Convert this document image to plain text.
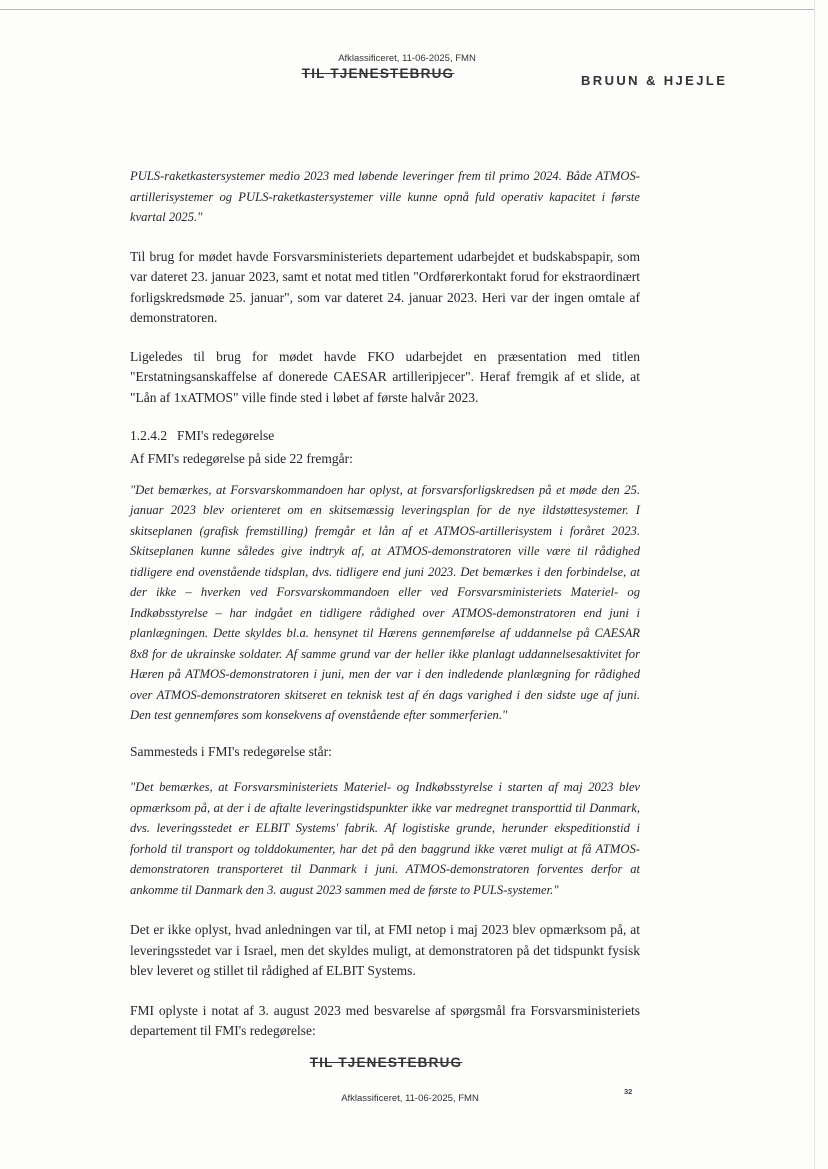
Afklassificeret, 11-06-2025, FMN
TIL TJENESTEBRUG	BRUUN & HJEJLE

PULS-raketkastersystemer medio 2023 med løbende leveringer frem til primo 2024. Både ATMOS-artillerisystemer og PULS-raketkastersystemer ville kunne opnå fuld operativ kapacitet i første kvartal 2025."

Til brug for mødet havde Forsvarsministeriets departement udarbejdet et budskabspapir, som var dateret 23. januar 2023, samt et notat med titlen "Ordførerkontakt forud for ekstraordinært forligskredsmøde 25. januar", som var dateret 24. januar 2023. Heri var der ingen omtale af demonstratoren.

Ligeledes til brug for mødet havde FKO udarbejdet en præsentation med titlen "Erstatningsanskaffelse af donerede CAESAR artilleripjecer". Heraf fremgik af et slide, at "Lån af 1xATMOS" ville finde sted i løbet af første halvår 2023.

1.2.4.2 FMI's redegørelse

Af FMI's redegørelse på side 22 fremgår:

"Det bemærkes, at Forsvarskommandoen har oplyst, at forsvarsforligskredsen på et møde den 25. januar 2023 blev orienteret om en skitsemæssig leveringsplan for de nye ildstøttesystemer. I skitseplanen (grafisk fremstilling) fremgår et lån af et ATMOS-artillerisystem i foråret 2023. Skitseplanen kunne således give indtryk af, at ATMOS-demonstratoren ville være til rådighed tidligere end ovenstående tidsplan, dvs. tidligere end juni 2023. Det bemærkes i den forbindelse, at der ikke – hverken ved Forsvarskommandoen eller ved Forsvarsministeriets Materiel- og Indkøbsstyrelse – har indgået en tidligere rådighed over ATMOS-demonstratoren end juni i planlægningen. Dette skyldes bl.a. hensynet til Hærens gennemførelse af uddannelse på CAESAR 8x8 for de ukrainske soldater. Af samme grund var der heller ikke planlagt uddannelsesaktivitet for Hæren på ATMOS-demonstratoren i juni, men der var i den indledende planlægning for rådighed over ATMOS-demonstratoren skitseret en teknisk test af én dags varighed i den sidste uge af juni. Den test gennemføres som konsekvens af ovenstående efter sommerferien."

Sammesteds i FMI's redegørelse står:

"Det bemærkes, at Forsvarsministeriets Materiel- og Indkøbsstyrelse i starten af maj 2023 blev opmærksom på, at der i de aftalte leveringstidspunkter ikke var medregnet transporttid til Danmark, dvs. leveringsstedet er ELBIT Systems' fabrik. Af logistiske grunde, herunder ekspeditionstid i forhold til transport og tolddokumenter, har det på den baggrund ikke været muligt at få ATMOS-demonstratoren transporteret til Danmark i juni. ATMOS-demonstratoren forventes derfor at ankomme til Danmark den 3. august 2023 sammen med de første to PULS-systemer."

Det er ikke oplyst, hvad anledningen var til, at FMI netop i maj 2023 blev opmærksom på, at leveringsstedet var i Israel, men det skyldes muligt, at demonstratoren på det tidspunkt fysisk blev leveret og stillet til rådighed af ELBIT Systems.

FMI oplyste i notat af 3. august 2023 med besvarelse af spørgsmål fra Forsvarsministeriets departement til FMI's redegørelse:

TIL TJENESTEBRUG
32
Afklassificeret, 11-06-2025, FMN
